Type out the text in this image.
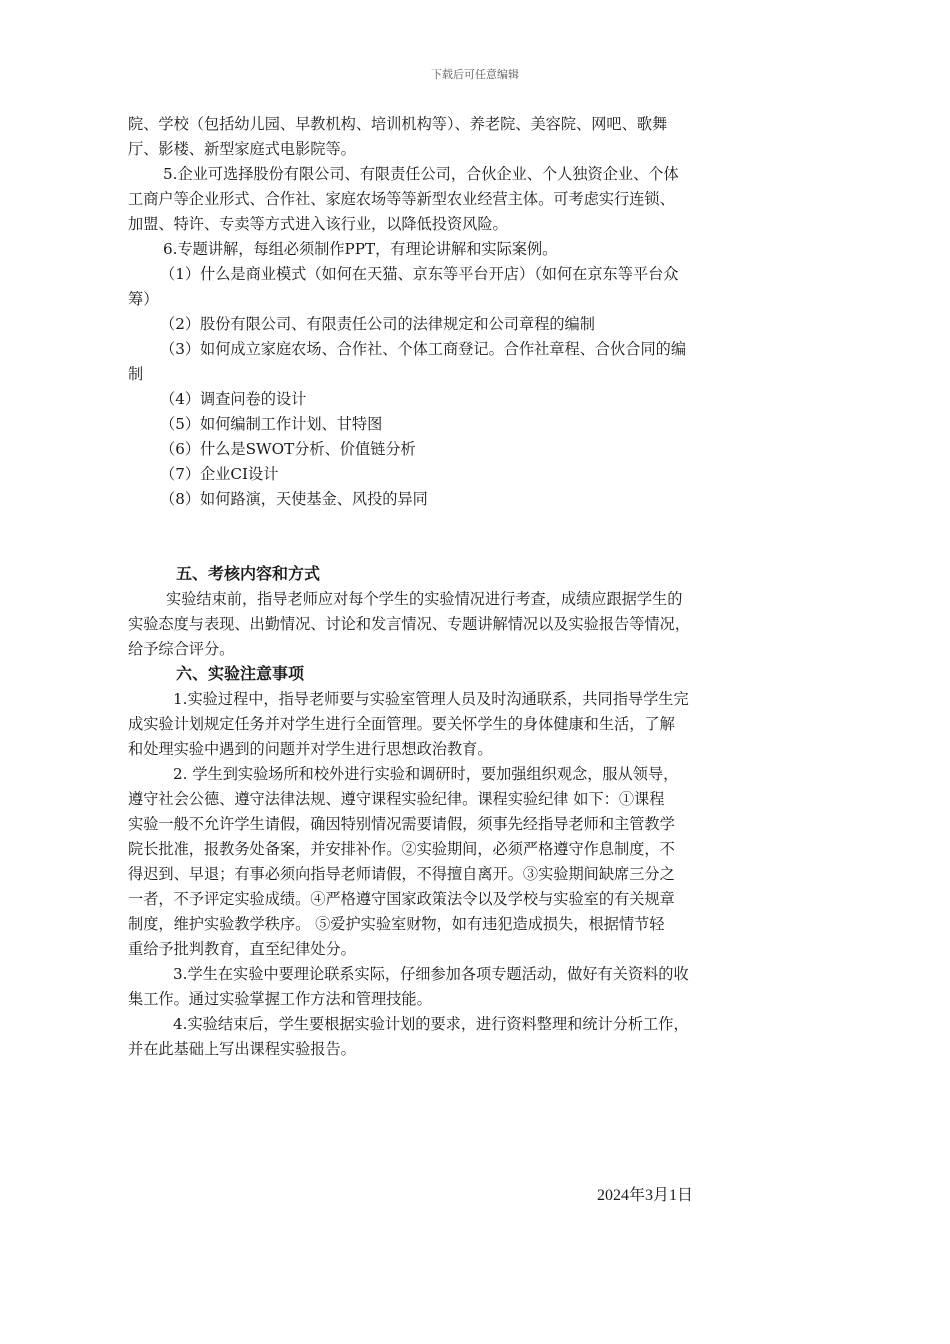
下载后可任意编辑
院、学校（包括幼儿园、早教机构、培训机构等）、养老院、美容院、网吧、歌舞
厅、影楼、新型家庭式电影院等。
5.企业可选择股份有限公司、有限责任公司，合伙企业、个人独资企业、个体
工商户等企业形式、合作社、家庭农场等等新型农业经营主体。可考虑实行连锁、
加盟、特许、专卖等方式进入该行业，以降低投资风险。
6.专题讲解，每组必须制作PPT，有理论讲解和实际案例。
（1）什么是商业模式（如何在天猫、京东等平台开店）（如何在京东等平台众
筹）
（2）股份有限公司、有限责任公司的法律规定和公司章程的编制
（3）如何成立家庭农场、合作社、个体工商登记。合作社章程、合伙合同的编
制
（4）调查问卷的设计
（5）如何编制工作计划、甘特图
（6）什么是SWOT分析、价值链分析
（7）企业CI设计
（8）如何路演，天使基金、风投的异同
五、考核内容和方式
实验结束前，指导老师应对每个学生的实验情况进行考查，成绩应跟据学生的
实验态度与表现、出勤情况、讨论和发言情况、专题讲解情况以及实验报告等情况，
给予综合评分。
六、实验注意事项
1.实验过程中，指导老师要与实验室管理人员及时沟通联系，共同指导学生完
成实验计划规定任务并对学生进行全面管理。要关怀学生的身体健康和生活，了解
和处理实验中遇到的问题并对学生进行思想政治教育。
2. 学生到实验场所和校外进行实验和调研时，要加强组织观念，服从领导，
遵守社会公德、遵守法律法规、遵守课程实验纪律。课程实验纪律 如下：①课程
实验一般不允许学生请假，确因特别情况需要请假，须事先经指导老师和主管教学
院长批准，报教务处备案，并安排补作。②实验期间，必须严格遵守作息制度，不
得迟到、早退；有事必须向指导老师请假，不得擅自离开。③实验期间缺席三分之
一者，不予评定实验成绩。④严格遵守国家政策法令以及学校与实验室的有关规章
制度，维护实验教学秩序。 ⑤爱护实验室财物，如有违犯造成损失，根据情节轻
重给予批判教育，直至纪律处分。
3.学生在实验中要理论联系实际，仔细参加各项专题活动，做好有关资料的收
集工作。通过实验掌握工作方法和管理技能。
4.实验结束后，学生要根据实验计划的要求，进行资料整理和统计分析工作，
并在此基础上写出课程实验报告。
2024年3月1日
